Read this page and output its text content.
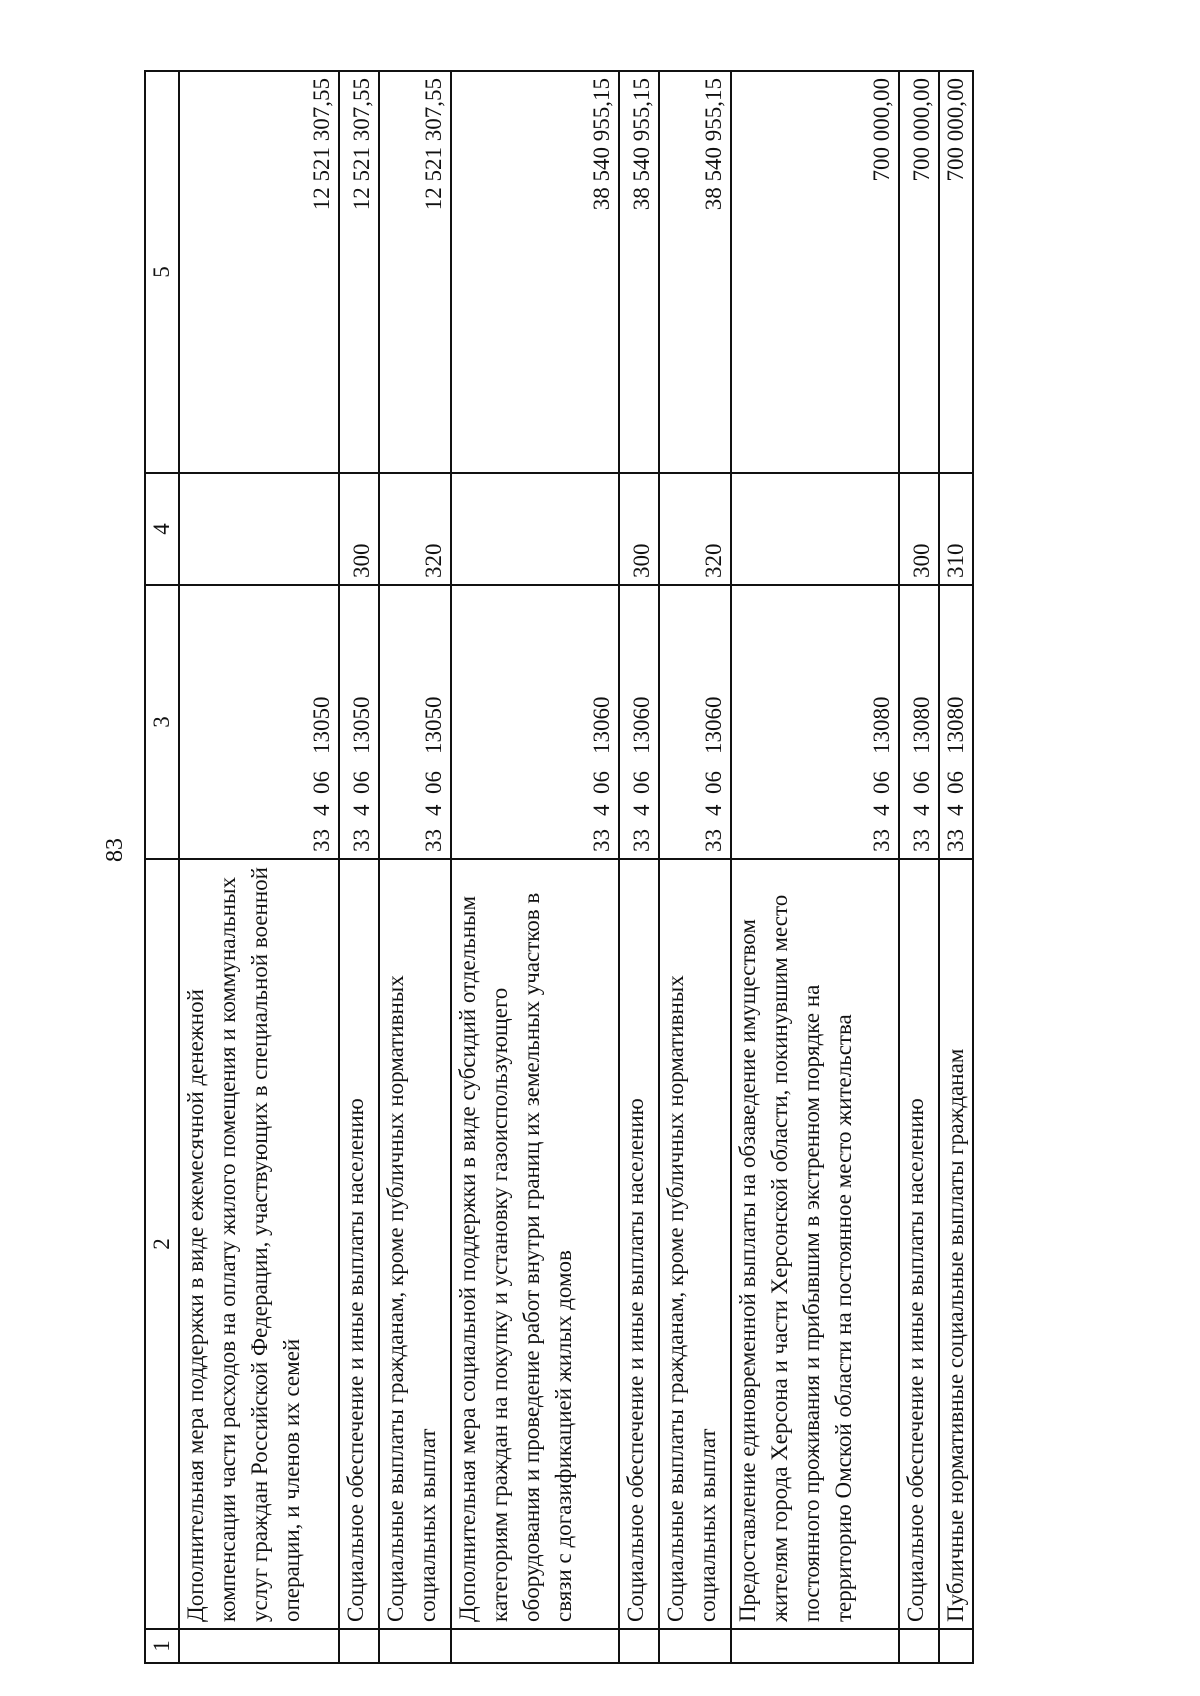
83
1	2	3	4	5
	Дополнительная мера поддержки в виде ежемесячной денежной компенсации части расходов на оплату жилого помещения и коммунальных услуг граждан Российской Федерации, участвующих в специальной военной операции, и членов их семей	3340613050		12 521 307,55
	Социальное обеспечение и иные выплаты населению	3340613050	300	12 521 307,55
	Социальные выплаты гражданам, кроме публичных нормативных социальных выплат	3340613050	320	12 521 307,55
	Дополнительная мера социальной поддержки в виде субсидий отдельным категориям граждан на покупку и установку газоиспользующего оборудования и проведение работ внутри границ их земельных участков в связи с догазификацией жилых домов	3340613060		38 540 955,15
	Социальное обеспечение и иные выплаты населению	3340613060	300	38 540 955,15
	Социальные выплаты гражданам, кроме публичных нормативных социальных выплат	3340613060	320	38 540 955,15
	Предоставление единовременной выплаты на обзаведение имуществом жителям города Херсона и части Херсонской области, покинувшим место постоянного проживания и прибывшим в экстренном порядке на территорию Омской области на постоянное место жительства	3340613080		700 000,00
	Социальное обеспечение и иные выплаты населению	3340613080	300	700 000,00
	Публичные нормативные социальные выплаты гражданам	3340613080	310	700 000,00
